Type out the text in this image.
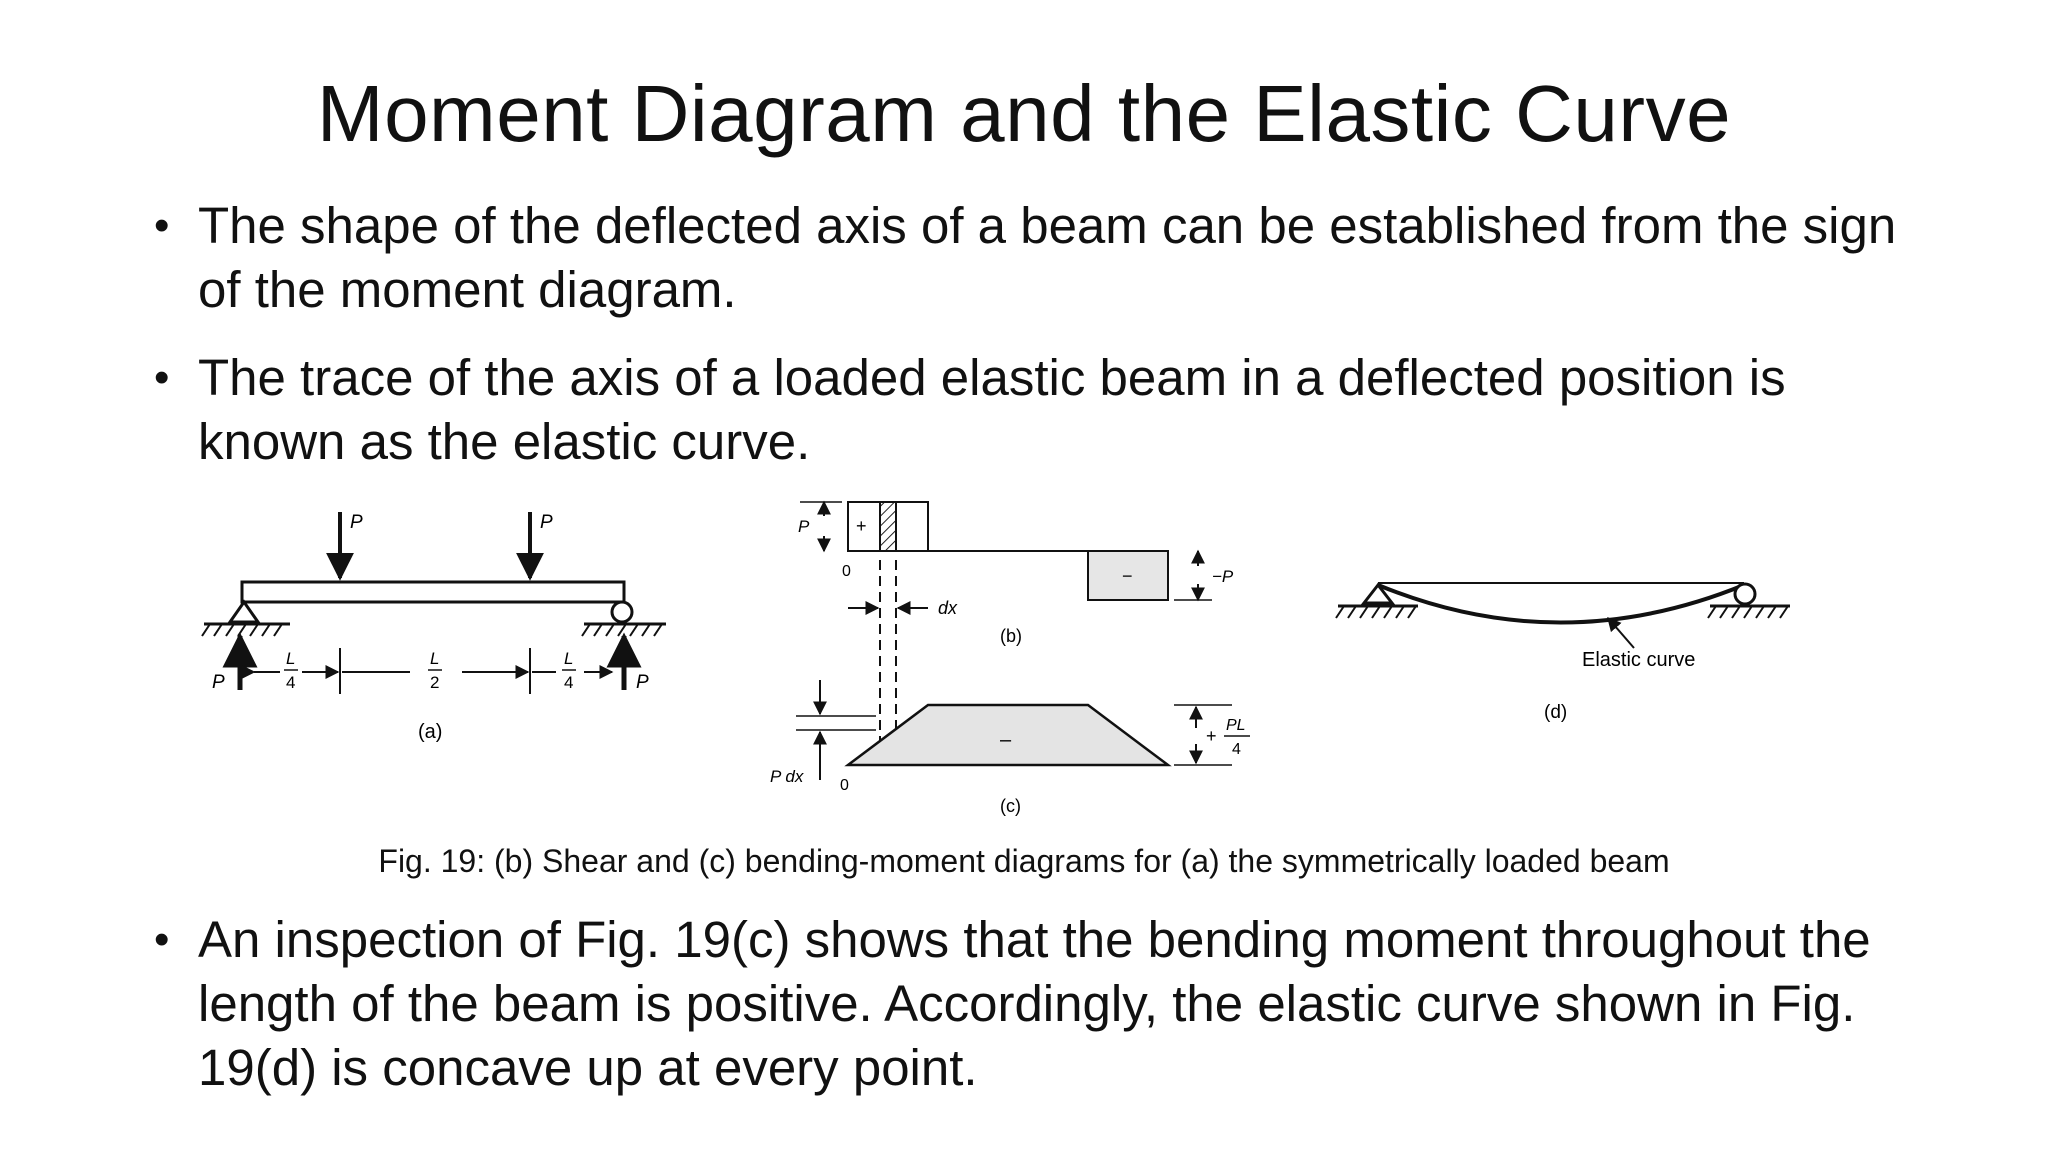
Moment Diagram and the Elastic Curve
• The shape of the deflected axis of a beam can be established from the sign of the moment diagram.
• The trace of the axis of a loaded elastic beam in a deflected position is known as the elastic curve.
P	P
P	P
L
4
L
2
L
4
(a)
+
−
P
0	−P
dx
(b)
–
P dx 0
+
PL
4
(c)
Elastic curve
(d)
Fig. 19: (b) Shear and (c) bending-moment diagrams for (a) the symmetrically loaded beam
• An inspection of Fig. 19(c) shows that the bending moment throughout the length of the beam is positive. Accordingly, the elastic curve shown in Fig. 19(d) is concave up at every point.
